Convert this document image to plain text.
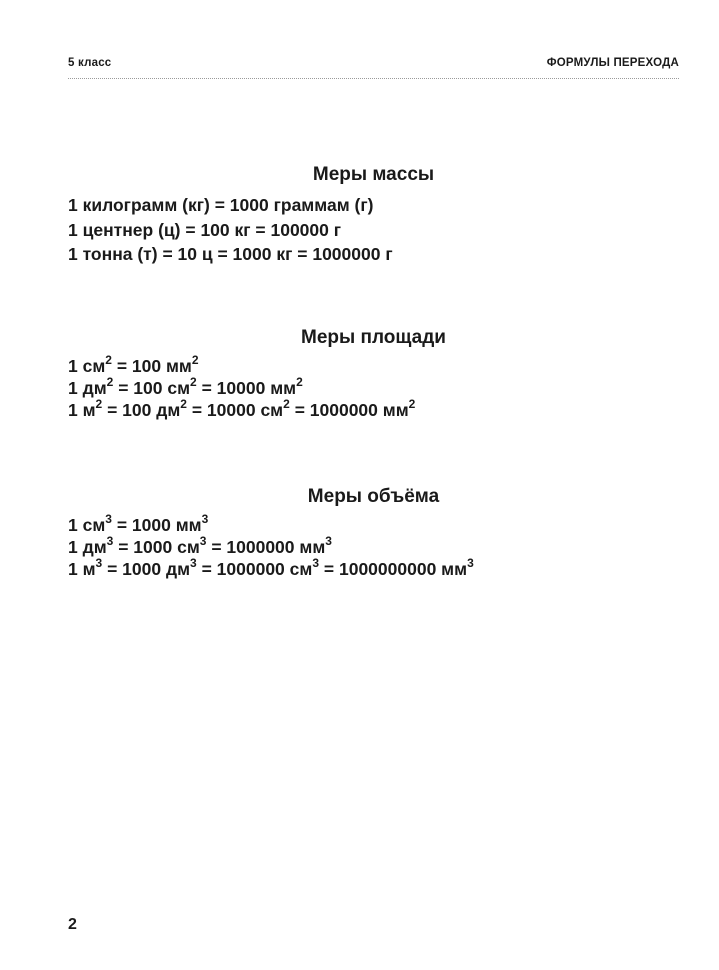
5 класс	ФОРМУЛЫ ПЕРЕХОДА
Меры массы
1 килограмм (кг) = 1000 граммам (г)
1 центнер (ц) = 100 кг = 100000 г
1 тонна (т) = 10 ц = 1000 кг = 1000000 г
Меры площади
1 $см^2 = 100$ $мм^2$
1 $дм^2 = 100$ $см^2 = 10000$ $мм^2$
1 $м^2 = 100$ $дм^2 = 10000$ $см^2 = 1000000$ $мм^2$
Меры объёма
1 $см^3 = 1000$ $мм^3$
1 $дм^3 = 1000$ $см^3 = 1000000$ $мм^3$
1 $м^3 = 1000$ $дм^3 = 1000000$ $см^3 = 1000000000$ $мм^3$
2
